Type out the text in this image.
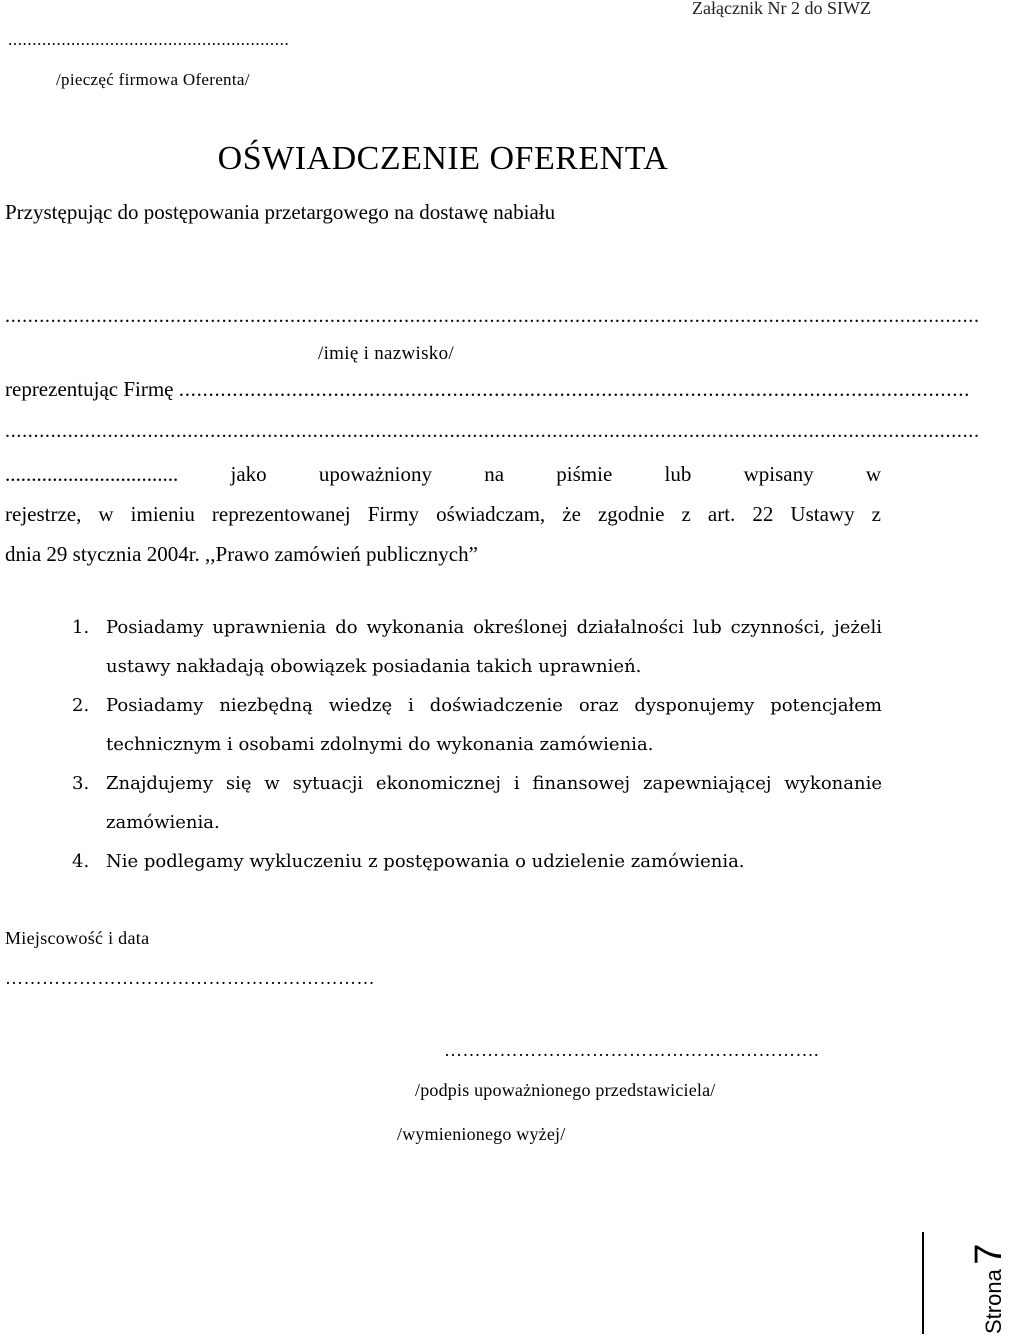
Załącznik Nr 2 do SIWZ
..........................................................
/pieczęć firmowa Oferenta/
OŚWIADCZENIE OFERENTA
Przystępując do postępowania przetargowego na dostawę nabiału
...........................................................................................................................................................................
/imię i nazwisko/
reprezentując Firmę .....................................................................................................................................
...........................................................................................................................................................................
................................. jako upoważniony na piśmie lub wpisany w
rejestrze, w imieniu reprezentowanej Firmy oświadczam, że zgodnie z art. 22 Ustawy z
dnia 29 stycznia 2004r. ,,Prawo zamówień publicznych”
1. Posiadamy uprawnienia do wykonania określonej działalności lub czynności, jeżeli ustawy nakładają obowiązek posiadania takich uprawnień.
2. Posiadamy niezbędną wiedzę i doświadczenie oraz dysponujemy potencjałem technicznym i osobami zdolnymi do wykonania zamówienia.
3. Znajdujemy się w sytuacji ekonomicznej i finansowej zapewniającej wykonanie zamówienia.
4. Nie podlegamy wykluczeniu z postępowania o udzielenie zamówienia.
Miejscowość i data
……………………………………………………
…………………………………………………….
/podpis upoważnionego przedstawiciela/
/wymienionego wyżej/
Strona 7
